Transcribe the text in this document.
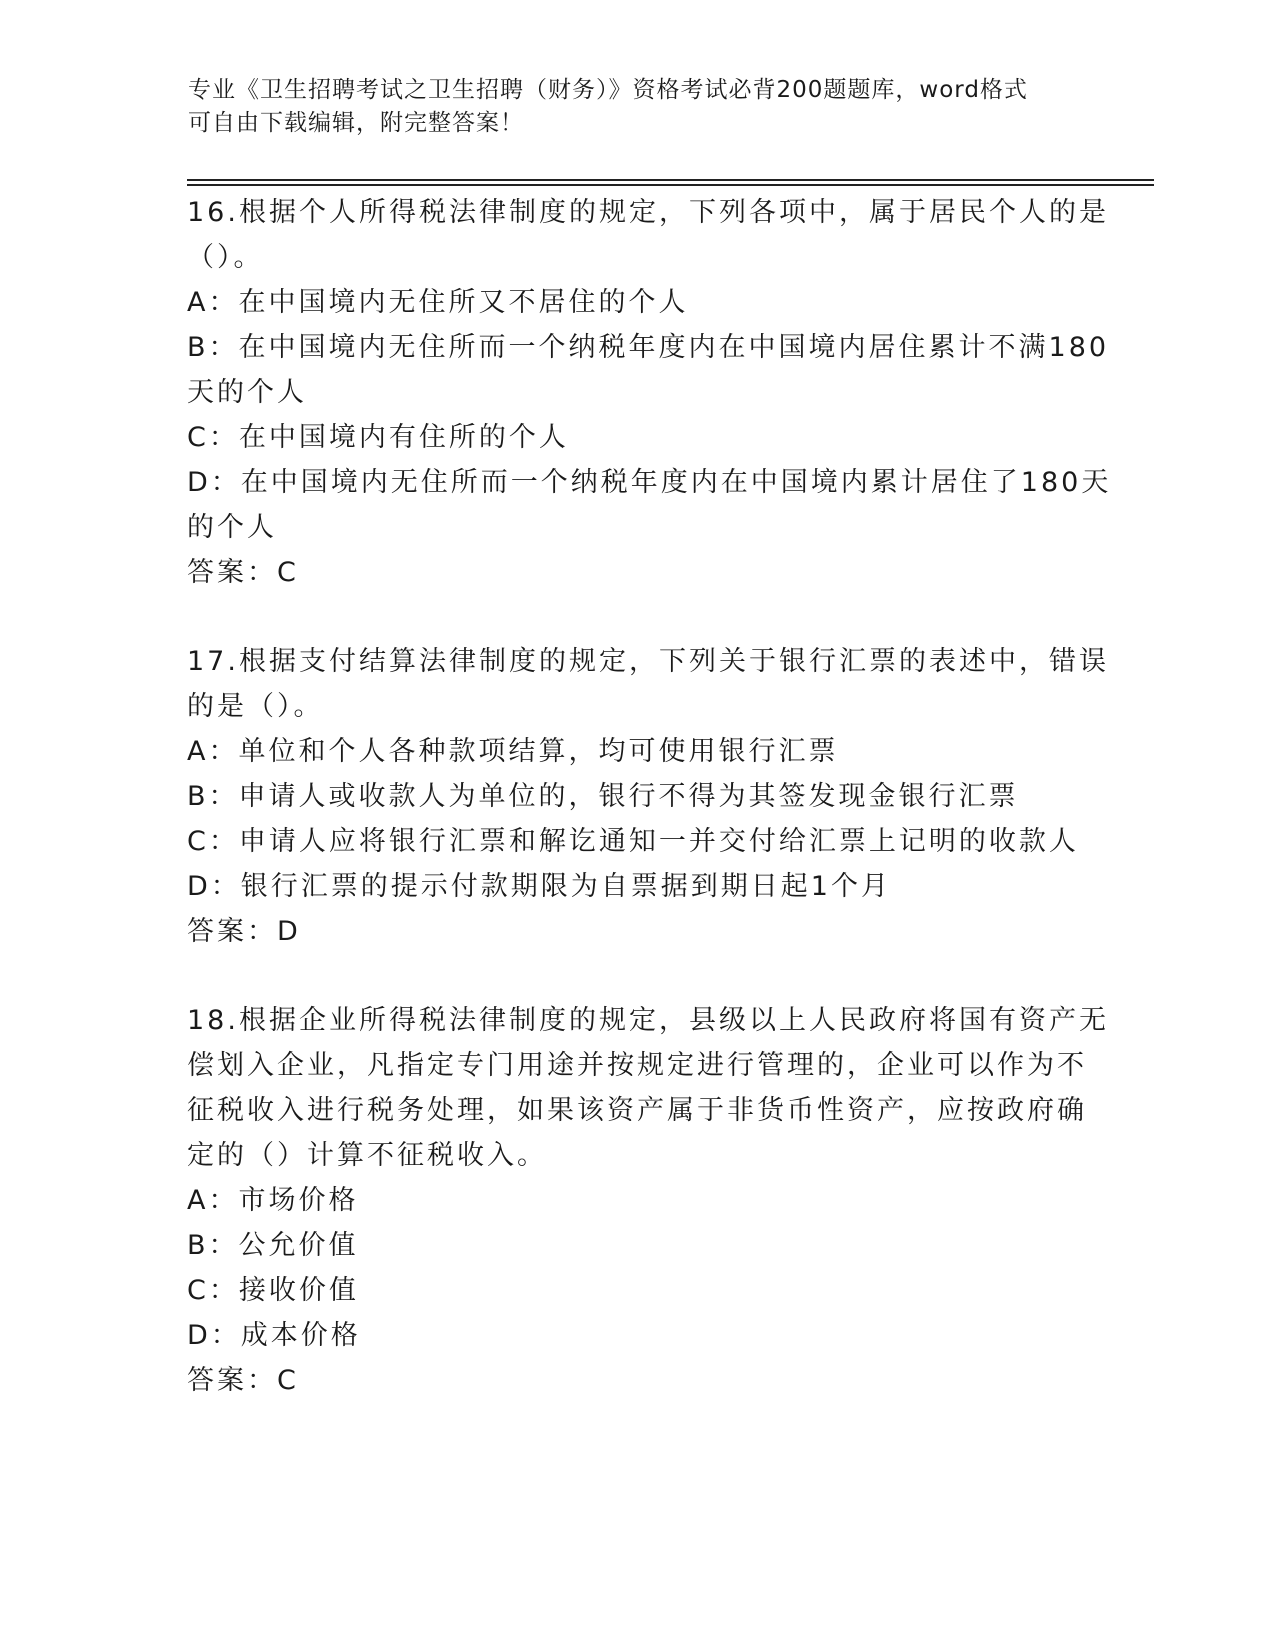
专业《卫生招聘考试之卫生招聘（财务）》资格考试必背200题题库，word格式

可自由下载编辑，附完整答案！

16.根据个人所得税法律制度的规定，下列各项中，属于居民个人的是

（）。

A：在中国境内无住所又不居住的个人

B：在中国境内无住所而一个纳税年度内在中国境内居住累计不满180

天的个人

C：在中国境内有住所的个人

D：在中国境内无住所而一个纳税年度内在中国境内累计居住了180天

的个人

答案：C

17.根据支付结算法律制度的规定，下列关于银行汇票的表述中，错误

的是（）。

A：单位和个人各种款项结算，均可使用银行汇票

B：申请人或收款人为单位的，银行不得为其签发现金银行汇票

C：申请人应将银行汇票和解讫通知一并交付给汇票上记明的收款人

D：银行汇票的提示付款期限为自票据到期日起1个月

答案：D

18.根据企业所得税法律制度的规定，县级以上人民政府将国有资产无

偿划入企业，凡指定专门用途并按规定进行管理的，企业可以作为不

征税收入进行税务处理，如果该资产属于非货币性资产，应按政府确

定的（）计算不征税收入。

A：市场价格

B：公允价值

C：接收价值

D：成本价格

答案：C
